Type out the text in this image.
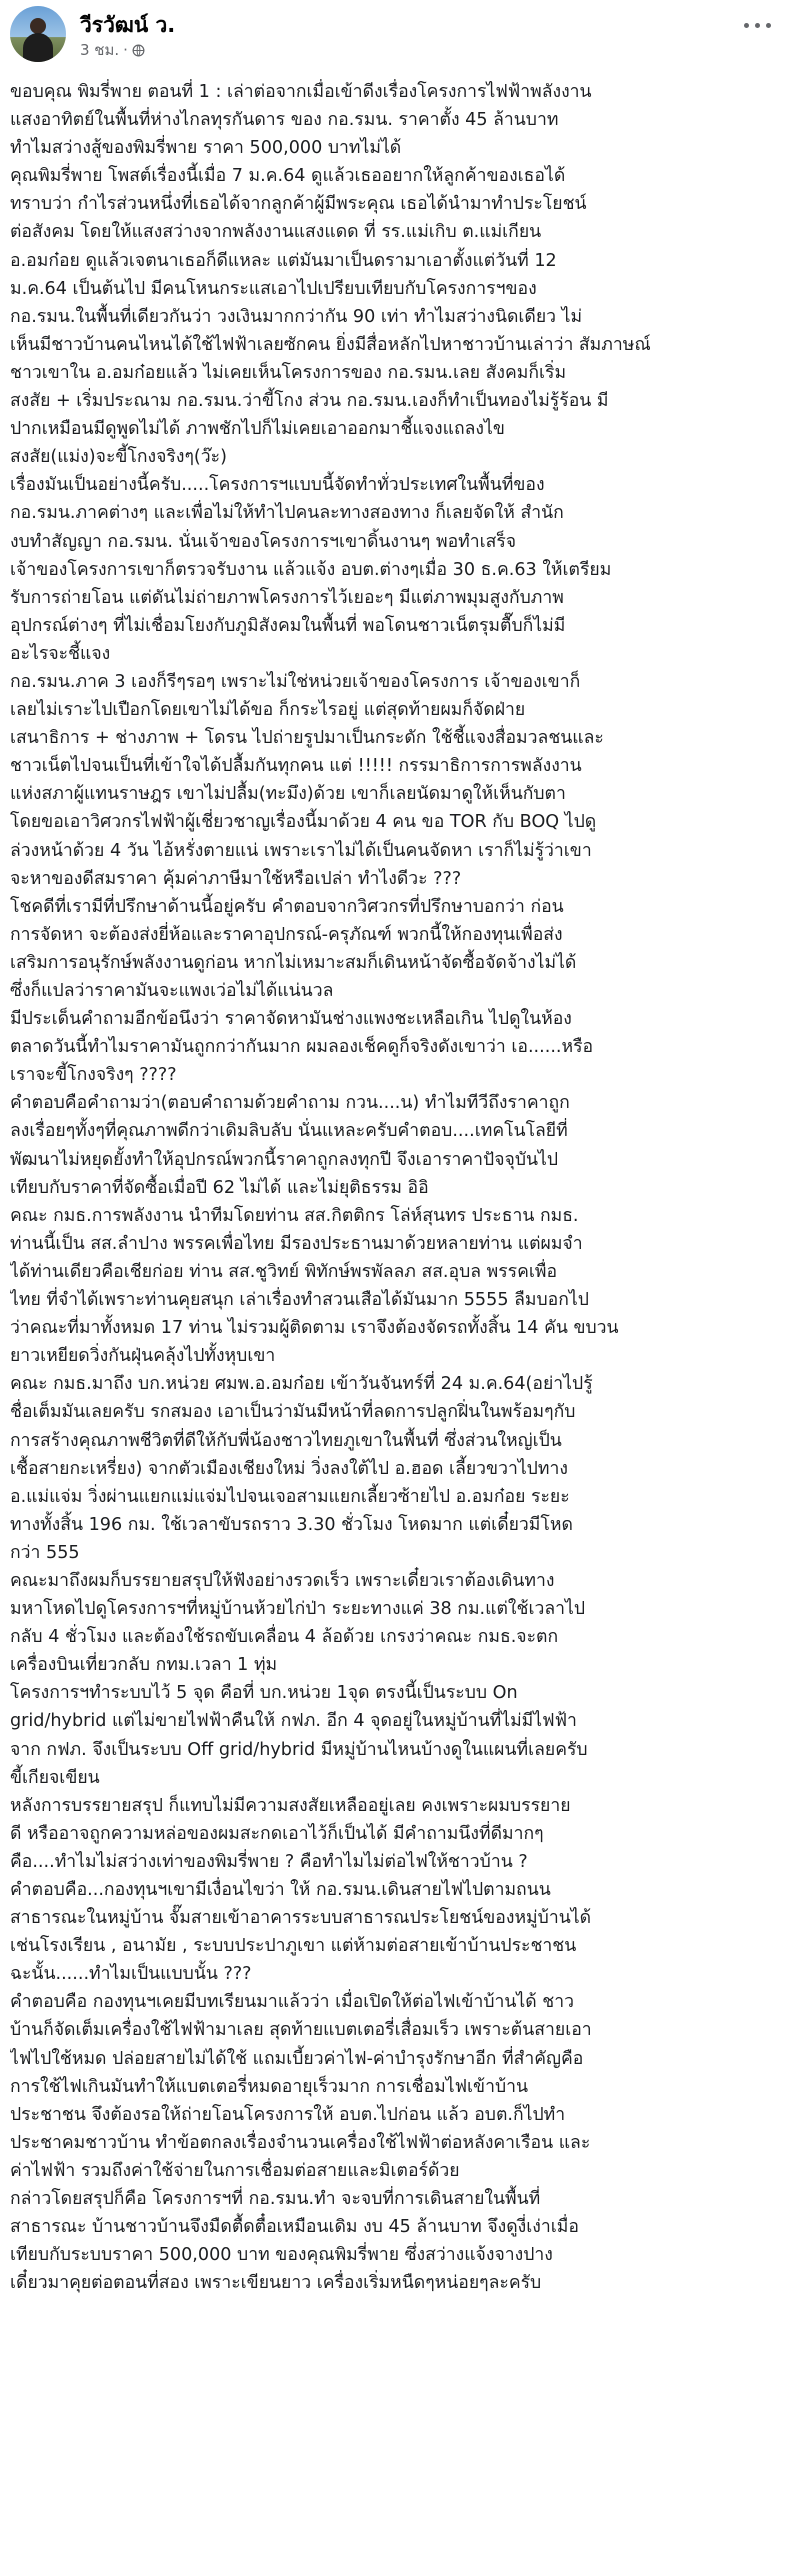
วีรวัฒน์ ว.
3 ชม. ·
ขอบคุณ พิมรี่พาย ตอนที่ 1 : เล่าต่อจากเมื่อเข้าดีงเรื่องโครงการไฟฟ้าพลังงาน
แสงอาทิตย์ในพื้นที่ห่างไกลทุรกันดาร ของ กอ.รมน. ราคาตั้ง 45 ล้านบาท
ทำไมสว่างสู้ของพิมรี่พาย ราคา 500,000 บาทไม่ได้
คุณพิมรี่พาย โพสต์เรื่องนี้เมื่อ 7 ม.ค.64 ดูแล้วเธออยากให้ลูกค้าของเธอได้
ทราบว่า กำไรส่วนหนึ่งที่เธอได้จากลูกค้าผู้มีพระคุณ เธอได้นำมาทำประโยชน์
ต่อสังคม โดยให้แสงสว่างจากพลังงานแสงแดด ที่ รร.แม่เกิบ ต.แม่เกียน
อ.อมก๋อย ดูแล้วเจตนาเธอก็ดีแหละ แต่มันมาเป็นดรามาเอาตั้งแต่วันที่ 12
ม.ค.64 เป็นต้นไป มีคนโหนกระแสเอาไปเปรียบเทียบกับโครงการฯของ
กอ.รมน.ในพื้นที่เดียวกันว่า วงเงินมากกว่ากัน 90 เท่า ทำไมสว่างนิดเดียว ไม่
เห็นมีชาวบ้านคนไหนได้ใช้ไฟฟ้าเลยซักคน ยิ่งมีสื่อหลักไปหาชาวบ้านเล่าว่า สัมภาษณ์
ชาวเขาใน อ.อมก๋อยแล้ว ไม่เคยเห็นโครงการของ กอ.รมน.เลย สังคมก็เริ่ม
สงสัย + เริ่มประณาม กอ.รมน.ว่าขี้โกง ส่วน กอ.รมน.เองก็ทำเป็นทองไม่รู้ร้อน มี
ปากเหมือนมีดูพูดไม่ได้ ภาพชักไปก็ไม่เคยเอาออกมาชี้แจงแถลงไข
สงสัย(แม่ง)จะขี้โกงจริงๆ(ว๊ะ)
เรื่องมันเป็นอย่างนี้ครับ.....โครงการฯแบบนี้จัดทำทั่วประเทศในพื้นที่ของ
กอ.รมน.ภาคต่างๆ และเพื่อไม่ให้ทำไปคนละทางสองทาง ก็เลยจัดให้ สำนัก
งบทำสัญญา กอ.รมน. นั่นเจ้าของโครงการฯเขาดิ้นงานๆ พอทำเสร็จ
เจ้าของโครงการเขาก็ตรวจรับงาน แล้วแจ้ง อบต.ต่างๆเมื่อ 30 ธ.ค.63 ให้เตรียม
รับการถ่ายโอน แต่ดันไม่ถ่ายภาพโครงการไว้เยอะๆ มีแต่ภาพมุมสูงกับภาพ
อุปกรณ์ต่างๆ ที่ไม่เชื่อมโยงกับภูมิสังคมในพื้นที่ พอโดนชาวเน็ตรุมตื๊บก็ไม่มี
อะไรจะชี้แจง
กอ.รมน.ภาค 3 เองก็รีๆรอๆ เพราะไม่ใช่หน่วยเจ้าของโครงการ เจ้าของเขาก็
เลยไม่เราะไปเปือกโดยเขาไม่ได้ขอ ก็กระไรอยู่ แต่สุดท้ายผมก็จัดฝ่าย
เสนาธิการ + ช่างภาพ + โดรน ไปถ่ายรูปมาเป็นกระดัก ใช้ชี้แจงสื่อมวลชนและ
ชาวเน็ตไปจนเป็นที่เข้าใจได้ปลื้มกันทุกคน แต่ !!!!! กรรมาธิการการพลังงาน
แห่งสภาผู้แทนราษฎร เขาไม่ปลื้ม(ทะมึง)ด้วย เขาก็เลยนัดมาดูให้เห็นกับตา
โดยขอเอาวิศวกรไฟฟ้าผู้เชี่ยวชาญเรื่องนี้มาด้วย 4 คน ขอ TOR กับ BOQ ไปดู
ล่วงหน้าด้วย 4 วัน ไอ้หรั่งตายแน่ เพราะเราไม่ได้เป็นคนจัดหา เราก็ไม่รู้ว่าเขา
จะหาของดีสมราคา คุ้มค่าภาษีมาใช้หรือเปล่า ทำไงดีวะ ???
โชคดีที่เรามีที่ปรึกษาด้านนี้อยู่ครับ คำตอบจากวิศวกรที่ปรึกษาบอกว่า ก่อน
การจัดหา จะต้องส่งยี่ห้อและราคาอุปกรณ์-ครุภัณฑ์ พวกนี้ให้กองทุนเพื่อส่ง
เสริมการอนุรักษ์พลังงานดูก่อน หากไม่เหมาะสมก็เดินหน้าจัดซื้อจัดจ้างไม่ได้
ซึ่งก็แปลว่าราคามันจะแพงเว่อไม่ได้แน่นวล
มีประเด็นคำถามอีกข้อนึงว่า ราคาจัดหามันช่างแพงชะเหลือเกิน ไปดูในห้อง
ตลาดวันนี้ทำไมราคามันถูกกว่ากันมาก ผมลองเช็คดูก็จริงดังเขาว่า เอ......หรือ
เราจะขี้โกงจริงๆ ????
คำตอบคือคำถามว่า(ตอบคำถามด้วยคำถาม กวน....น) ทำไมทีวีถึงราคาถูก
ลงเรื่อยๆทั้งๆที่คุณภาพดีกว่าเดิมลิบลับ นั่นแหละครับคำตอบ....เทคโนโลยีที่
พัฒนาไม่หยุดยั้งทำให้อุปกรณ์พวกนี้ราคาถูกลงทุกปี จึงเอาราคาปัจจุบันไป
เทียบกับราคาที่จัดซื้อเมื่อปี 62 ไม่ได้ และไม่ยุติธรรม อิอิ
คณะ กมธ.การพลังงาน นำทีมโดยท่าน สส.กิตติกร โล่ห์สุนทร ประธาน กมธ.
ท่านนี้เป็น สส.ลำปาง พรรคเพื่อไทย มีรองประธานมาด้วยหลายท่าน แต่ผมจำ
ได้ท่านเดียวคือเชียก่อย ท่าน สส.ชูวิทย์ พิทักษ์พรพัลลภ สส.อุบล พรรคเพื่อ
ไทย ที่จำได้เพราะท่านคุยสนุก เล่าเรื่องทำสวนเสือได้มันมาก 5555 ลืมบอกไป
ว่าคณะที่มาทั้งหมด 17 ท่าน ไม่รวมผู้ติดตาม เราจึงต้องจัดรถทั้งสิ้น 14 คัน ขบวน
ยาวเหยียดวิ่งกันฝุ่นคลุ้งไปทั้งหุบเขา
คณะ กมธ.มาถึง บก.หน่วย ศมพ.อ.อมก๋อย เข้าวันจันทร์ที่ 24 ม.ค.64(อย่าไปรู้
ชื่อเต็มมันเลยครับ รกสมอง เอาเป็นว่ามันมีหน้าที่ลดการปลูกฝิ่นในพร้อมๆกับ
การสร้างคุณภาพชีวิตที่ดีให้กับพี่น้องชาวไทยภูเขาในพื้นที่ ซึ่งส่วนใหญ่เป็น
เชื้อสายกะเหรี่ยง) จากตัวเมืองเชียงใหม่ วิ่งลงใต้ไป อ.ฮอด เลี้ยวขวาไปทาง
อ.แม่แจ่ม วิ่งผ่านแยกแม่แจ่มไปจนเจอสามแยกเลี้ยวซ้ายไป อ.อมก๋อย ระยะ
ทางทั้งสิ้น 196 กม. ใช้เวลาขับรถราว 3.30 ชั่วโมง โหดมาก แต่เดี๋ยวมีโหด
กว่า 555
คณะมาถึงผมก็บรรยายสรุปให้ฟังอย่างรวดเร็ว เพราะเดี๋ยวเราต้องเดินทาง
มหาโหดไปดูโครงการฯที่หมู่บ้านห้วยไก่ป่า ระยะทางแค่ 38 กม.แต่ใช้เวลาไป
กลับ 4 ชั่วโมง และต้องใช้รถขับเคลื่อน 4 ล้อด้วย เกรงว่าคณะ กมธ.จะตก
เครื่องบินเที่ยวกลับ กทม.เวลา 1 ทุ่ม
โครงการฯทำระบบไว้ 5 จุด คือที่ บก.หน่วย 1จุด ตรงนี้เป็นระบบ On
grid/hybrid แต่ไม่ขายไฟฟ้าคืนให้ กฟภ. อีก 4 จุดอยู่ในหมู่บ้านที่ไม่มีไฟฟ้า
จาก กฟภ. จึงเป็นระบบ Off grid/hybrid มีหมู่บ้านไหนบ้างดูในแผนที่เลยครับ
ขี้เกียจเขียน
หลังการบรรยายสรุป ก็แทบไม่มีความสงสัยเหลืออยู่เลย คงเพราะผมบรรยาย
ดี หรืออาจถูกความหล่อของผมสะกดเอาไว้ก็เป็นได้ มีคำถามนึงที่ดีมากๆ
คือ....ทำไมไม่สว่างเท่าของพิมรี่พาย ? คือทำไมไม่ต่อไฟให้ชาวบ้าน ?
คำตอบคือ...กองทุนฯเขามีเงื่อนไขว่า ให้ กอ.รมน.เดินสายไฟไปตามถนน
สาธารณะในหมู่บ้าน จั๊มสายเข้าอาคารระบบสาธารณประโยชน์ของหมู่บ้านได้
เช่นโรงเรียน , อนามัย , ระบบประปาภูเขา แต่ห้ามต่อสายเข้าบ้านประชาชน
ฉะนั้น......ทำไมเป็นแบบนั้น ???
คำตอบคือ กองทุนฯเคยมีบทเรียนมาแล้วว่า เมื่อเปิดให้ต่อไฟเข้าบ้านได้ ชาว
บ้านก็จัดเต็มเครื่องใช้ไฟฟ้ามาเลย สุดท้ายแบตเตอรี่เสื่อมเร็ว เพราะต้นสายเอา
ไฟไปใช้หมด ปล่อยสายไม่ได้ใช้ แถมเบี้ยวค่าไฟ-ค่าบำรุงรักษาอีก ที่สำคัญคือ
การใช้ไฟเกินมันทำให้แบตเตอรี่หมดอายุเร็วมาก การเชื่อมไฟเข้าบ้าน
ประชาชน จึงต้องรอให้ถ่ายโอนโครงการให้ อบต.ไปก่อน แล้ว อบต.ก็ไปทำ
ประชาคมชาวบ้าน ทำข้อตกลงเรื่องจำนวนเครื่องใช้ไฟฟ้าต่อหลังคาเรือน และ
ค่าไฟฟ้า รวมถึงค่าใช้จ่ายในการเชื่อมต่อสายและมิเตอร์ด้วย
กล่าวโดยสรุปก็คือ โครงการฯที่ กอ.รมน.ทำ จะจบที่การเดินสายในพื้นที่
สาธารณะ บ้านชาวบ้านจึงมืดตื้ดตื๋อเหมือนเดิม งบ 45 ล้านบาท จึงดูงี่เง่าเมื่อ
เทียบกับระบบราคา 500,000 บาท ของคุณพิมรี่พาย ซึ่งสว่างแจ้งจางปาง
เดี๋ยวมาคุยต่อตอนที่สอง เพราะเขียนยาว เครื่องเริ่มหนืดๆหน่อยๆละครับ
